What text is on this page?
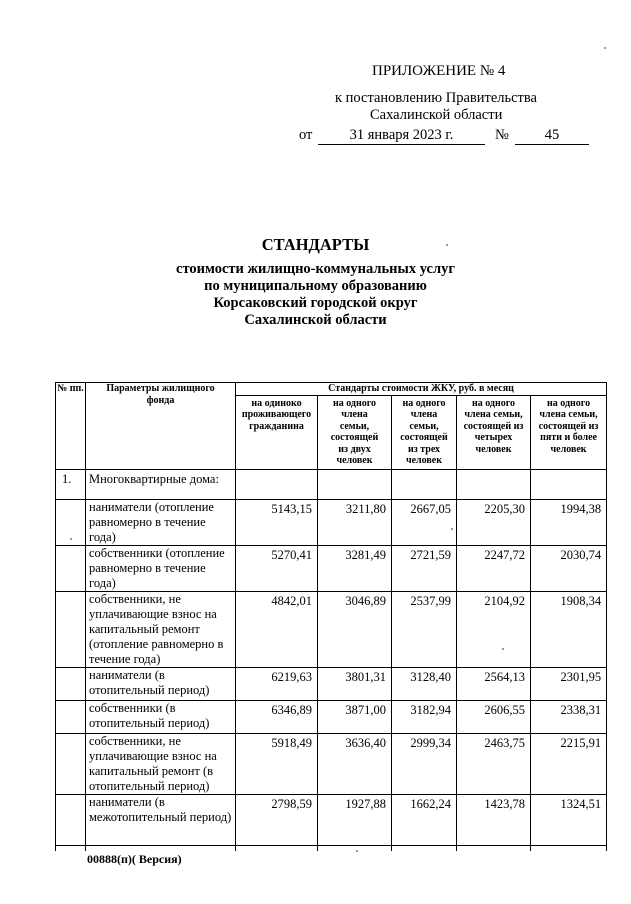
ПРИЛОЖЕНИЕ № 4
к постановлению Правительства
Сахалинской области
от	31 января 2023 г.	№	45
СТАНДАРТЫ
стоимости жилищно-коммунальных услуг
по муниципальному образованию
Корсаковский городской округ
Сахалинской области
№ пп.	Параметры жилищного фонда	Стандарты стоимости ЖКУ, руб. в месяц				
		на одиноко проживающего гражданина	на одного члена семьи, состоящей из двух человек	на одного члена семьи, состоящей из трех человек	на одного члена семьи, состоящей из четырех человек	на одного члена семьи, состоящей из пяти и более человек
1.	Многоквартирные дома:					
	наниматели (отопление равномерно в течение года)	5143,15	3211,80	2667,05	2205,30	1994,38
	собственники (отопление равномерно в течение года)	5270,41	3281,49	2721,59	2247,72	2030,74
	собственники, не уплачивающие взнос на капитальный ремонт (отопление равномерно в течение года)	4842,01	3046,89	2537,99	2104,92	1908,34
	наниматели (в отопительный период)	6219,63	3801,31	3128,40	2564,13	2301,95
	собственники (в отопительный период)	6346,89	3871,00	3182,94	2606,55	2338,31
	собственники, не уплачивающие взнос на капитальный ремонт (в отопительный период)	5918,49	3636,40	2999,34	2463,75	2215,91
	наниматели (в межотопительный период)	2798,59	1927,88	1662,24	1423,78	1324,51

00888(п)( Версия)
